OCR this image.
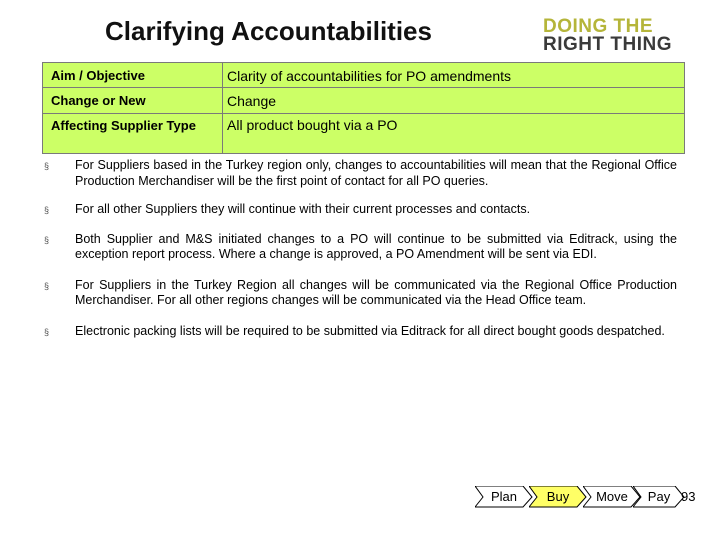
Clarifying Accountabilities	DOING THE
RIGHT THING
Aim / Objective	Clarity of accountabilities for PO amendments
Change or New	Change
Affecting Supplier Type	All product bought via a PO
§	For Suppliers based in the Turkey region only, changes to accountabilities will mean that the Regional Office Production Merchandiser will be the first point of contact for all PO queries.
§	For all other Suppliers they will continue with their current processes and contacts.
§	Both Supplier and M&S initiated changes to a PO will continue to be submitted via Editrack, using the exception report process. Where a change is approved, a PO Amendment will be sent via EDI.
§	For Suppliers in the Turkey Region all changes will be communicated via the Regional Office Production Merchandiser. For all other regions changes will be communicated via the Head Office team.
§	Electronic packing lists will be required to be submitted via Editrack for all direct bought goods despatched.
Plan	Buy	Move	Pay 93
